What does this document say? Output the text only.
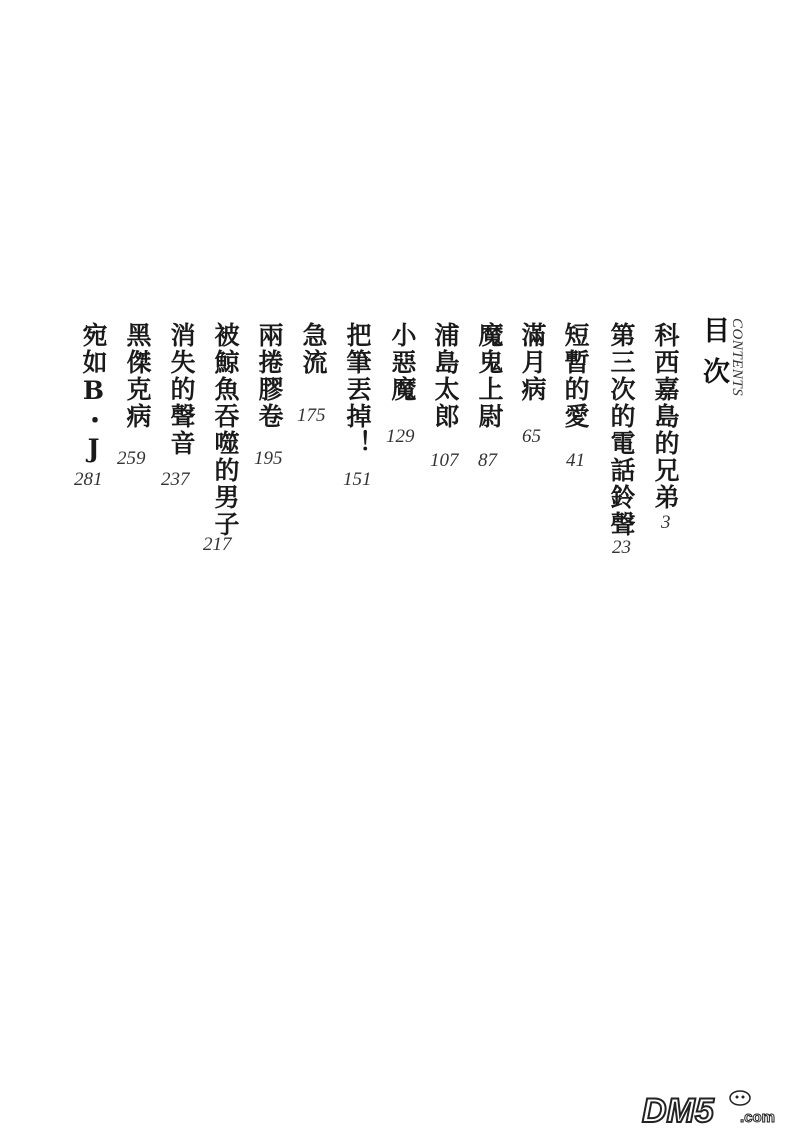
CONTENTS
目次
科西嘉島的兄弟
3
第三次的電話鈴聲
23
短暫的愛
41
滿月病
65
魔鬼上尉
87
浦島太郎
107
小惡魔
129
把筆丟掉！
151
急流
175
兩捲膠卷
195
被鯨魚吞噬的男子
217
消失的聲音
237
黑傑克病
259
宛如B・J
281
DM5 .com
